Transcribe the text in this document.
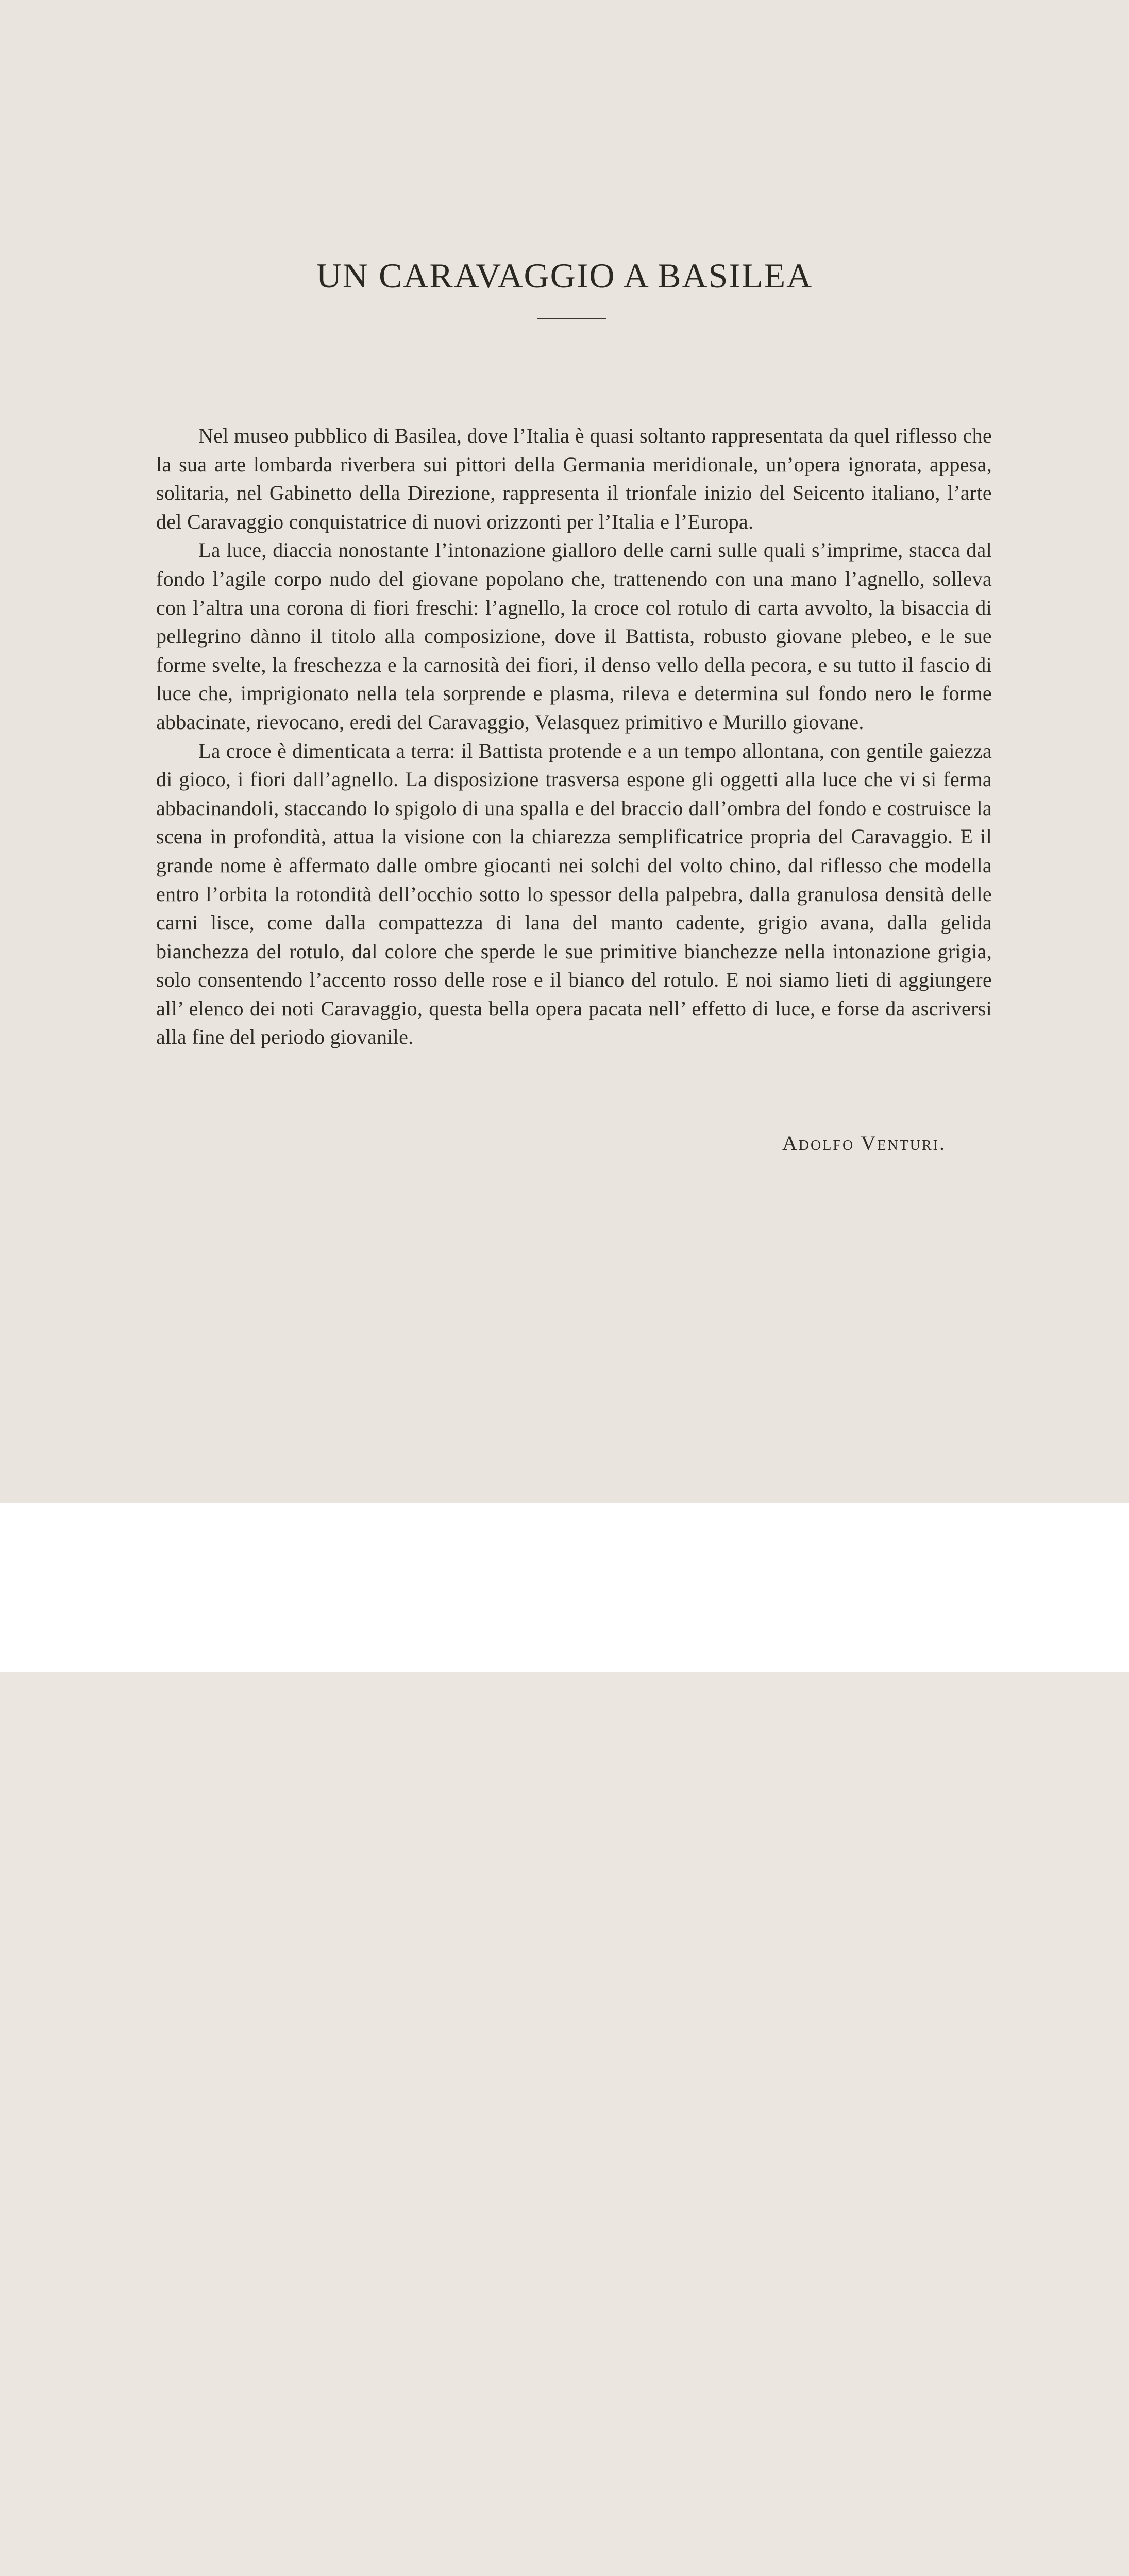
UN CARAVAGGIO A BASILEA

Nel museo pubblico di Basilea, dove l’Italia è quasi soltanto rappresentata da quel riflesso che la sua arte lombarda riverbera sui pittori della Germania meridionale, un’opera ignorata, appesa, solitaria, nel Gabinetto della Direzione, rappresenta il trionfale inizio del Seicento italiano, l’arte del Caravaggio conquistatrice di nuovi orizzonti per l’Italia e l’Europa.

La luce, diaccia nonostante l’intonazione gialloro delle carni sulle quali s’imprime, stacca dal fondo l’agile corpo nudo del giovane popolano che, trattenendo con una mano l’agnello, solleva con l’altra una corona di fiori freschi: l’agnello, la croce col rotulo di carta avvolto, la bisaccia di pellegrino dànno il titolo alla composizione, dove il Battista, robusto giovane plebeo, e le sue forme svelte, la freschezza e la carnosità dei fiori, il denso vello della pecora, e su tutto il fascio di luce che, imprigionato nella tela sorprende e plasma, rileva e determina sul fondo nero le forme abbacinate, rievocano, eredi del Caravaggio, Velasquez primitivo e Murillo giovane.

La croce è dimenticata a terra: il Battista protende e a un tempo allontana, con gentile gaiezza di gioco, i fiori dall’agnello. La disposizione trasversa espone gli oggetti alla luce che vi si ferma abbacinandoli, staccando lo spigolo di una spalla e del braccio dall’ombra del fondo e costruisce la scena in profondità, attua la visione con la chiarezza semplificatrice propria del Caravaggio. E il grande nome è affermato dalle ombre giocanti nei solchi del volto chino, dal riflesso che modella entro l’orbita la rotondità dell’occhio sotto lo spessor della palpebra, dalla granulosa densità delle carni lisce, come dalla compattezza di lana del manto cadente, grigio avana, dalla gelida bianchezza del rotulo, dal colore che sperde le sue primitive bianchezze nella intonazione grigia, solo consentendo l’accento rosso delle rose e il bianco del rotulo. E noi siamo lieti di aggiungere all’ elenco dei noti Caravaggio, questa bella opera pacata nell’ effetto di luce, e forse da ascriversi alla fine del periodo giovanile.

Adolfo Venturi.
